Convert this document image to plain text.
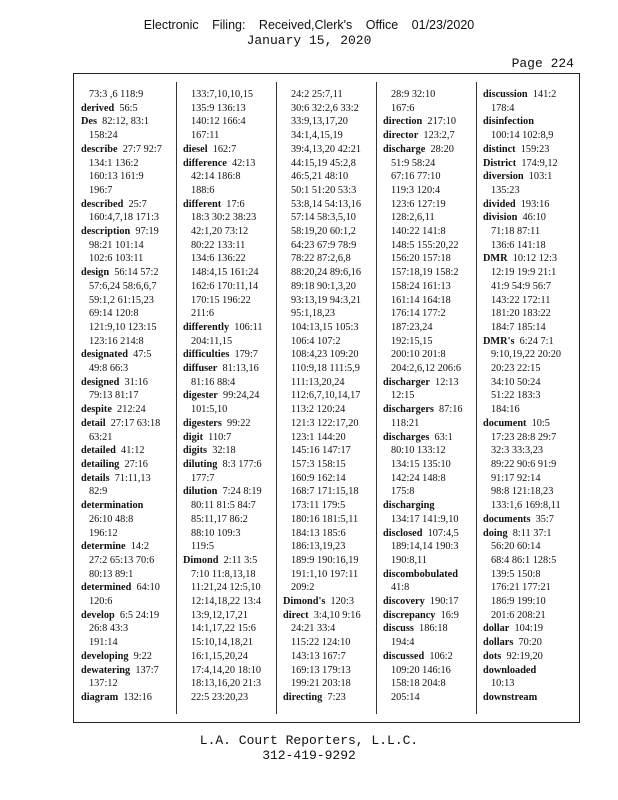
Electronic Filing: Received,Clerk's Office 01/23/2020
January 15, 2020
Page 224
73:3 ,6 118:9
derived  56:5
Des  82:12, 83:1
158:24
describe  27:7 92:7
134:1 136:2
160:13 161:9
196:7
described  25:7
160:4,7,18 171:3
description  97:19
98:21 101:14
102:6 103:11
design  56:14 57:2
57:6,24 58:6,6,7
59:1,2 61:15,23
69:14 120:8
121:9,10 123:15
123:16 214:8
designated  47:5
49:8 66:3
designed  31:16
79:13 81:17
despite  212:24
detail  27:17 63:18
63:21
detailed  41:12
detailing  27:16
details  71:11,13
82:9
determination
26:10 48:8
196:12
determine  14:2
27:2 65:13 70:6
80:13 89:1
determined  64:10
120:6
develop  6:5 24:19
26:8 43:3
191:14
developing  9:22
dewatering  137:7
137:12
diagram  132:16
133:7,10,10,15
135:9 136:13
140:12 166:4
167:11
diesel  162:7
difference  42:13
42:14 186:8
188:6
different  17:6
18:3 30:2 38:23
42:1,20 73:12
80:22 133:11
134:6 136:22
148:4,15 161:24
162:6 170:11,14
170:15 196:22
211:6
differently  106:11
204:11,15
difficulties  179:7
diffuser  81:13,16
81:16 88:4
digester  99:24,24
101:5,10
digesters  99:22
digit  110:7
digits  32:18
diluting  8:3 177:6
177:7
dilution  7:24 8:19
80:11 81:5 84:7
85:11,17 86:2
88:10 109:3
119:5
Dimond  2:11 3:5
7:10 11:8,13,18
11:21,24 12:5,10
12:14,18,22 13:4
13:9,12,17,21
14:1,17,22 15:6
15:10,14,18,21
16:1,15,20,24
17:4,14,20 18:10
18:13,16,20 21:3
22:5 23:20,23
24:2 25:7,11
30:6 32:2,6 33:2
33:9,13,17,20
34:1,4,15,19
39:4,13,20 42:21
44:15,19 45:2,8
46:5,21 48:10
50:1 51:20 53:3
53:8,14 54:13,16
57:14 58:3,5,10
58:19,20 60:1,2
64:23 67:9 78:9
78:22 87:2,6,8
88:20,24 89:6,16
89:18 90:1,3,20
93:13,19 94:3,21
95:1,18,23
104:13,15 105:3
106:4 107:2
108:4,23 109:20
110:9,18 111:5,9
111:13,20,24
112:6,7,10,14,17
113:2 120:24
121:3 122:17,20
123:1 144:20
145:16 147:17
157:3 158:15
160:9 162:14
168:7 171:15,18
173:11 179:5
180:16 181:5,11
184:13 185:6
186:13,19,23
189:9 190:16,19
191:1,10 197:11
209:2
Dimond's  120:3
direct  3:4,10 9:16
24:21 33:4
115:22 124:10
143:13 167:7
169:13 179:13
199:21 203:18
directing  7:23
28:9 32:10
167:6
direction  217:10
director  123:2,7
discharge  28:20
51:9 58:24
67:16 77:10
119:3 120:4
123:6 127:19
128:2,6,11
140:22 141:8
148:5 155:20,22
156:20 157:18
157:18,19 158:2
158:24 161:13
161:14 164:18
176:14 177:2
187:23,24
192:15,15
200:10 201:8
204:2,6,12 206:6
discharger  12:13
12:15
dischargers  87:16
118:21
discharges  63:1
80:10 133:12
134:15 135:10
142:24 148:8
175:8
discharging
134:17 141:9,10
disclosed  107:4,5
189:14,14 190:3
190:8,11
discombobulated
41:8
discovery  190:17
discrepancy  16:9
discuss  186:18
194:4
discussed  106:2
109:20 146:16
158:18 204:8
205:14
discussion  141:2
178:4
disinfection
100:14 102:8,9
distinct  159:23
District  174:9,12
diversion  103:1
135:23
divided  193:16
division  46:10
71:18 87:11
136:6 141:18
DMR  10:12 12:3
12:19 19:9 21:1
41:9 54:9 56:7
143:22 172:11
181:20 183:22
184:7 185:14
DMR's  6:24 7:1
9:10,19,22 20:20
20:23 22:15
34:10 50:24
51:22 183:3
184:16
document  10:5
17:23 28:8 29:7
32:3 33:3,23
89:22 90:6 91:9
91:17 92:14
98:8 121:18,23
133:1,6 169:8,11
documents  35:7
doing  8:11 37:1
56:20 60:14
68:4 86:1 128:5
139:5 150:8
176:21 177:21
186:9 199:10
201:6 208:21
dollar  104:19
dollars  70:20
dots  92:19,20
downloaded
10:13
downstream
L.A. Court Reporters, L.L.C.
312-419-9292
